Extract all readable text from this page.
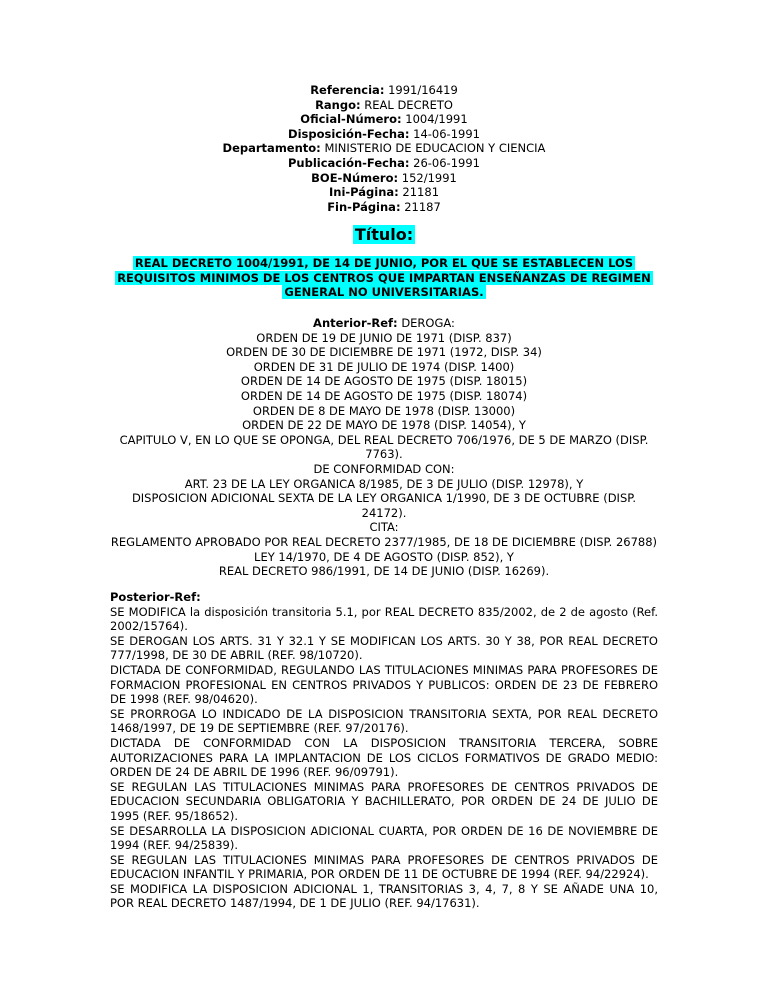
Referencia: 1991/16419
Rango: REAL DECRETO
Oficial-Número: 1004/1991
Disposición-Fecha: 14-06-1991
Departamento: MINISTERIO DE EDUCACION Y CIENCIA
Publicación-Fecha: 26-06-1991
BOE-Número: 152/1991
Ini-Página: 21181
Fin-Página: 21187
Título:
REAL DECRETO 1004/1991, DE 14 DE JUNIO, POR EL QUE SE ESTABLECEN LOS REQUISITOS MINIMOS DE LOS CENTROS QUE IMPARTAN ENSEÑANZAS DE REGIMEN GENERAL NO UNIVERSITARIAS.
Anterior-Ref: DEROGA:
ORDEN DE 19 DE JUNIO DE 1971 (DISP. 837)
ORDEN DE 30 DE DICIEMBRE DE 1971 (1972, DISP. 34)
ORDEN DE 31 DE JULIO DE 1974 (DISP. 1400)
ORDEN DE 14 DE AGOSTO DE 1975 (DISP. 18015)
ORDEN DE 14 DE AGOSTO DE 1975 (DISP. 18074)
ORDEN DE 8 DE MAYO DE 1978 (DISP. 13000)
ORDEN DE 22 DE MAYO DE 1978 (DISP. 14054), Y
CAPITULO V, EN LO QUE SE OPONGA, DEL REAL DECRETO 706/1976, DE 5 DE MARZO (DISP. 7763).
DE CONFORMIDAD CON:
ART. 23 DE LA LEY ORGANICA 8/1985, DE 3 DE JULIO (DISP. 12978), Y
DISPOSICION ADICIONAL SEXTA DE LA LEY ORGANICA 1/1990, DE 3 DE OCTUBRE (DISP. 24172).
CITA:
REGLAMENTO APROBADO POR REAL DECRETO 2377/1985, DE 18 DE DICIEMBRE (DISP. 26788)
LEY 14/1970, DE 4 DE AGOSTO (DISP. 852), Y
REAL DECRETO 986/1991, DE 14 DE JUNIO (DISP. 16269).
Posterior-Ref:
SE MODIFICA la disposición transitoria 5.1, por REAL DECRETO 835/2002, de 2 de agosto (Ref. 2002/15764).
SE DEROGAN LOS ARTS. 31 Y 32.1 Y SE MODIFICAN LOS ARTS. 30 Y 38, POR REAL DECRETO 777/1998, DE 30 DE ABRIL (REF. 98/10720).
DICTADA DE CONFORMIDAD, REGULANDO LAS TITULACIONES MINIMAS PARA PROFESORES DE FORMACION PROFESIONAL EN CENTROS PRIVADOS Y PUBLICOS: ORDEN DE 23 DE FEBRERO DE 1998 (REF. 98/04620).
SE PRORROGA LO INDICADO DE LA DISPOSICION TRANSITORIA SEXTA, POR REAL DECRETO 1468/1997, DE 19 DE SEPTIEMBRE (REF. 97/20176).
DICTADA DE CONFORMIDAD CON LA DISPOSICION TRANSITORIA TERCERA, SOBRE AUTORIZACIONES PARA LA IMPLANTACION DE LOS CICLOS FORMATIVOS DE GRADO MEDIO: ORDEN DE 24 DE ABRIL DE 1996 (REF. 96/09791).
SE REGULAN LAS TITULACIONES MINIMAS PARA PROFESORES DE CENTROS PRIVADOS DE EDUCACION SECUNDARIA OBLIGATORIA Y BACHILLERATO, POR ORDEN DE 24 DE JULIO DE 1995 (REF. 95/18652).
SE DESARROLLA LA DISPOSICION ADICIONAL CUARTA, POR ORDEN DE 16 DE NOVIEMBRE DE 1994 (REF. 94/25839).
SE REGULAN LAS TITULACIONES MINIMAS PARA PROFESORES DE CENTROS PRIVADOS DE EDUCACION INFANTIL Y PRIMARIA, POR ORDEN DE 11 DE OCTUBRE DE 1994 (REF. 94/22924).
SE MODIFICA LA DISPOSICION ADICIONAL 1, TRANSITORIAS 3, 4, 7, 8 Y SE AÑADE UNA 10, POR REAL DECRETO 1487/1994, DE 1 DE JULIO (REF. 94/17631).
